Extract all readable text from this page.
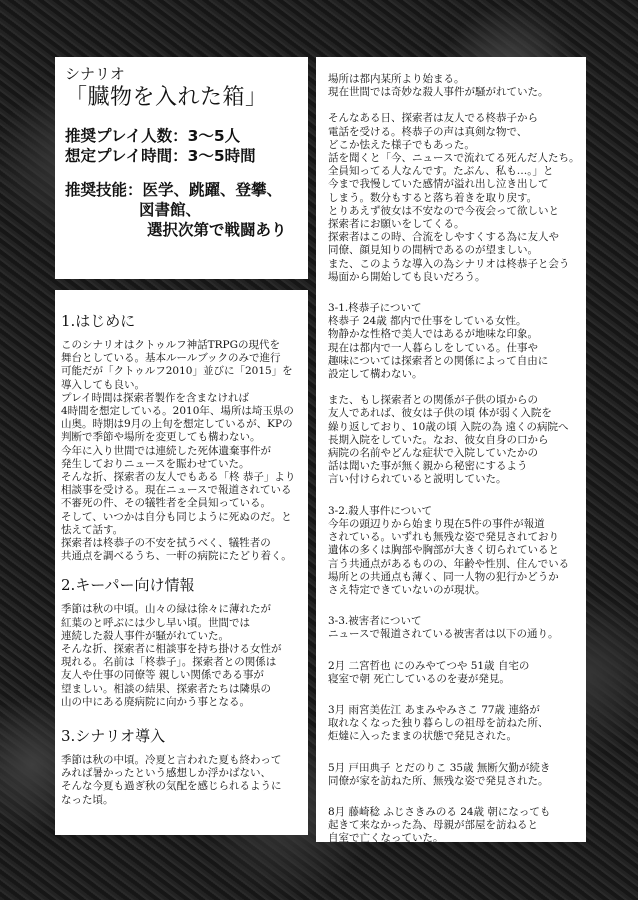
シナリオ
「臓物を入れた箱」
推奨プレイ人数：3〜5人
想定プレイ時間：3〜5時間
推奨技能：医学、跳躍、登攀、
図書館、
選択次第で戦闘あり
1.はじめに
このシナリオはクトゥルフ神話TRPGの現代を
舞台としている。基本ルールブックのみで進行
可能だが「クトゥルフ2010」並びに「2015」を
導入しても良い。
プレイ時間は探索者製作を含まなければ
4時間を想定している。2010年、場所は埼玉県の
山奥。時期は9月の上旬を想定しているが、KPの
判断で季節や場所を変更しても構わない。
今年に入り世間では連続した死体遺棄事件が
発生しておりニュースを賑わせていた。
そんな折、探索者の友人でもある「柊 恭子」より
相談事を受ける。現在ニュースで報道されている
不審死の件、その犠牲者を全員知っている。
そして、いつかは自分も同じように死ぬのだ。と
怯えて話す。
探索者は柊恭子の不安を拭うべく、犠牲者の
共通点を調べるうち、一軒の病院にたどり着く。
2.キーパー向け情報
季節は秋の中頃。山々の緑は徐々に薄れたが
紅葉のと呼ぶには少し早い頃。世間では
連続した殺人事件が騒がれていた。
そんな折、探索者に相談事を持ち掛ける女性が
現れる。名前は「柊恭子」。探索者との関係は
友人や仕事の同僚等 親しい関係である事が
望ましい。相談の結果、探索者たちは隣県の
山の中にある廃病院に向かう事となる。
3.シナリオ導入
季節は秋の中頃。冷夏と言われた夏も終わって
みれば暑かったという感想しか浮かばない、
そんな今夏も過ぎ秋の気配を感じられるように
なった頃。
場所は都内某所より始まる。
現在世間では奇妙な殺人事件が騒がれていた。
そんなある日、探索者は友人でる柊恭子から
電話を受ける。柊恭子の声は真剣な物で、
どこか怯えた様子でもあった。
話を聞くと「今、ニュースで流れてる死んだ人たち。
全員知ってる人なんです。たぶん、私も…。」と
今まで我慢していた感情が溢れ出し泣き出して
しまう。数分もすると落ち着きを取り戻す。
とりあえず彼女は不安なので今夜会って欲しいと
探索者にお願いをしてくる。
探索者はこの時、合流をしやすくする為に友人や
同僚、顔見知りの間柄であるのが望ましい。
また、このような導入の為シナリオは柊恭子と会う
場面から開始しても良いだろう。
3-1.柊恭子について
柊恭子 24歳 都内で仕事をしている女性。
物静かな性格で美人ではあるが地味な印象。
現在は都内で一人暮らしをしている。仕事や
趣味については探索者との関係によって自由に
設定して構わない。
また、もし探索者との関係が子供の頃からの
友人であれば、彼女は子供の頃 体が弱く入院を
繰り返しており、10歳の頃 入院の為 遠くの病院へ
長期入院をしていた。なお、彼女自身の口から
病院の名前やどんな症状で入院していたかの
話は聞いた事が無く親から秘密にするよう
言い付けられていると説明していた。
3-2.殺人事件について
今年の頭辺りから始まり現在5件の事件が報道
されている。いずれも無残な姿で発見されており
遺体の多くは胸部や胸部が大きく切られていると
言う共通点があるものの、年齢や性別、住んでいる
場所との共通点も薄く、同一人物の犯行かどうか
さえ特定できていないのが現状。
3-3.被害者について
ニュースで報道されている被害者は以下の通り。
2月 二宮哲也 にのみやてつや 51歳 自宅の
寝室で朝 死亡しているのを妻が発見。
3月 雨宮美佐江 あまみやみさこ 77歳 連絡が
取れなくなった独り暮らしの祖母を訪ねた所、
炬燵に入ったままの状態で発見された。
5月 戸田典子 とだのりこ 35歳 無断欠勤が続き
同僚が家を訪ねた所、無残な姿で発見された。
8月 藤崎稔 ふじさきみのる 24歳 朝になっても
起きて来なかった為、母親が部屋を訪ねると
自室で亡くなっていた。
